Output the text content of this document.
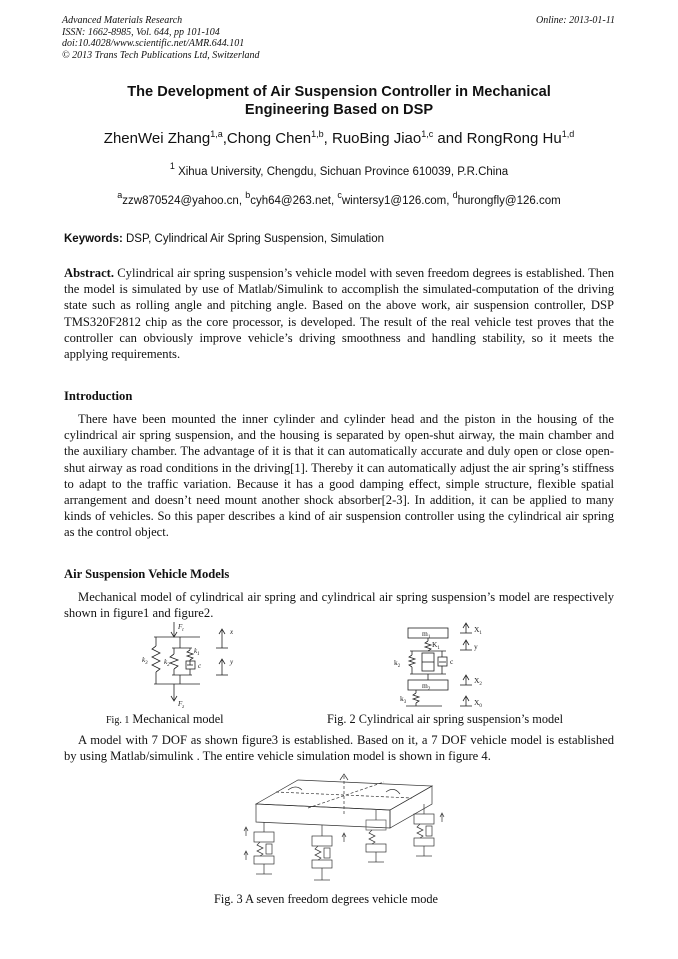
Advanced Materials Research
ISSN: 1662-8985, Vol. 644, pp 101-104
doi:10.4028/www.scientific.net/AMR.644.101
© 2013 Trans Tech Publications Ltd, Switzerland
Online: 2013-01-11
The Development of Air Suspension Controller in Mechanical
Engineering Based on DSP
ZhenWei Zhang$^{1,a}$,Chong Chen$^{1,b}$, RuoBing Jiao$^{1,c}$ and RongRong Hu$^{1,d}$
$^1$ Xihua University, Chengdu, Sichuan Province 610039, P.R.China
$^a$zzw870524@yahoo.cn, $^b$cyh64@263.net, $^c$wintersy1@126.com, $^d$hurongfly@126.com
Keywords: DSP, Cylindrical Air Spring Suspension, Simulation
Abstract. Cylindrical air spring suspension’s vehicle model with seven freedom degrees is established. Then the model is simulated by use of Matlab/Simulink to accomplish the simulated-computation of the driving state such as rolling angle and pitching angle. Based on the above work, air suspension controller, DSP TMS320F2812 chip as the core processor, is developed. The result of the real vehicle test proves that the controller can obviously improve vehicle’s driving smoothness and handling stability, so it meets the applying requirements.
Introduction
There have been mounted the inner cylinder and cylinder head and the piston in the housing of the cylindrical air spring suspension, and the housing is separated by open-shut airway, the main chamber and the auxiliary chamber. The advantage of it is that it can automatically accurate and duly open or close open-shut airway as road conditions in the driving[1]. Thereby it can automatically adjust the air spring’s stiffness to adapt to the traffic variation. Because it has a good damping effect, simple structure, flexible spatial arrangement and doesn’t need mount another shock absorber[2-3]. In addition, it can be applied to many kinds of vehicles. So this paper describes a kind of air suspension controller using the cylindrical air spring as the control object.
Air Suspension Vehicle Models
Mechanical model of cylindrical air spring and cylindrical air spring suspension’s model are respectively shown in figure1 and figure2.
$F_t$
$F_z$
$k_3$ $k_2$
$k_1$
c
x
y
$m_1$
$m_2$
$K_1$
$k_2$
$k_3$
c
$X_1$
y
$X_2$
$X_0$
Fig. 1 Mechanical model	Fig. 2 Cylindrical air spring suspension’s model
A model with 7 DOF as shown figure3 is established. Based on it, a 7 DOF vehicle model is established by using Matlab/simulink . The entire vehicle simulation model is shown in figure 4.
Fig. 3 A seven freedom degrees vehicle mode
